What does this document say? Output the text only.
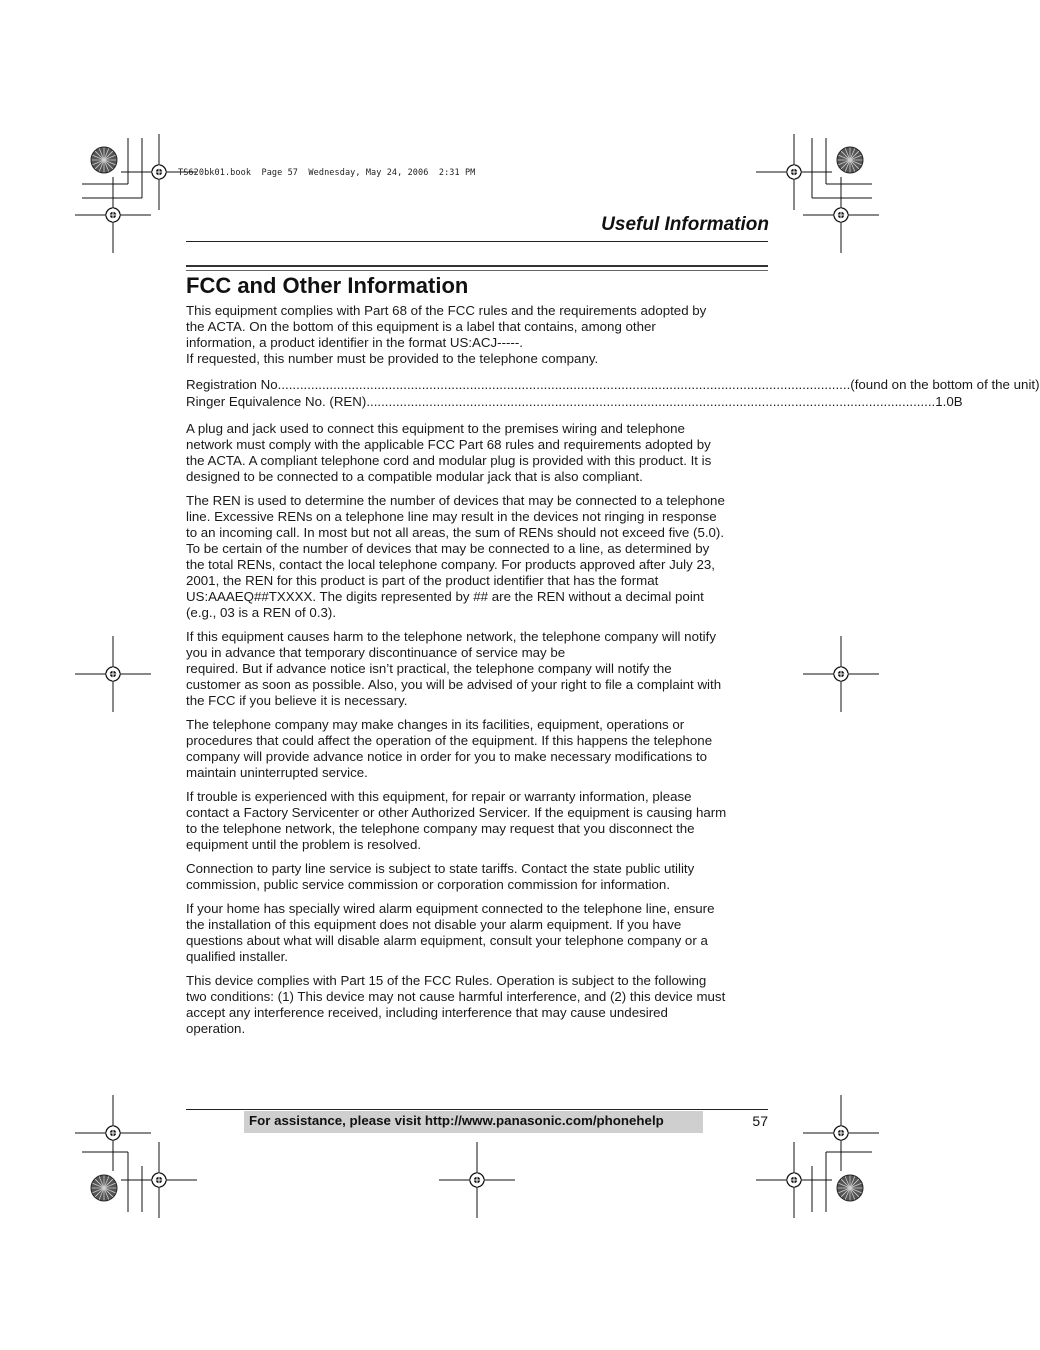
TS620bk01.book  Page 57  Wednesday, May 24, 2006  2:31 PM
Useful Information
FCC and Other Information

This equipment complies with Part 68 of the FCC rules and the requirements adopted by
the ACTA. On the bottom of this equipment is a label that contains, among other
information, a product identifier in the format US:ACJ-----.
If requested, this number must be provided to the telephone company.

Registration No. .......................................................................................................................................................... (found on the bottom of the unit)
Ringer Equivalence No. (REN) .......................................................................................................................................................... 1.0B

A plug and jack used to connect this equipment to the premises wiring and telephone
network must comply with the applicable FCC Part 68 rules and requirements adopted by
the ACTA. A compliant telephone cord and modular plug is provided with this product. It is
designed to be connected to a compatible modular jack that is also compliant.

The REN is used to determine the number of devices that may be connected to a telephone
line. Excessive RENs on a telephone line may result in the devices not ringing in response
to an incoming call. In most but not all areas, the sum of RENs should not exceed five (5.0).
To be certain of the number of devices that may be connected to a line, as determined by
the total RENs, contact the local telephone company. For products approved after July 23,
2001, the REN for this product is part of the product identifier that has the format
US:AAAEQ##TXXXX. The digits represented by ## are the REN without a decimal point
(e.g., 03 is a REN of 0.3).

If this equipment causes harm to the telephone network, the telephone company will notify
you in advance that temporary discontinuance of service may be
required. But if advance notice isn’t practical, the telephone company will notify the
customer as soon as possible. Also, you will be advised of your right to file a complaint with
the FCC if you believe it is necessary.

The telephone company may make changes in its facilities, equipment, operations or
procedures that could affect the operation of the equipment. If this happens the telephone
company will provide advance notice in order for you to make necessary modifications to
maintain uninterrupted service.

If trouble is experienced with this equipment, for repair or warranty information, please
contact a Factory Servicenter or other Authorized Servicer. If the equipment is causing harm
to the telephone network, the telephone company may request that you disconnect the
equipment until the problem is resolved.

Connection to party line service is subject to state tariffs. Contact the state public utility
commission, public service commission or corporation commission for information.

If your home has specially wired alarm equipment connected to the telephone line, ensure
the installation of this equipment does not disable your alarm equipment. If you have
questions about what will disable alarm equipment, consult your telephone company or a
qualified installer.

This device complies with Part 15 of the FCC Rules. Operation is subject to the following
two conditions: (1) This device may not cause harmful interference, and (2) this device must
accept any interference received, including interference that may cause undesired
operation.

For assistance, please visit http://www.panasonic.com/phonehelp	57
